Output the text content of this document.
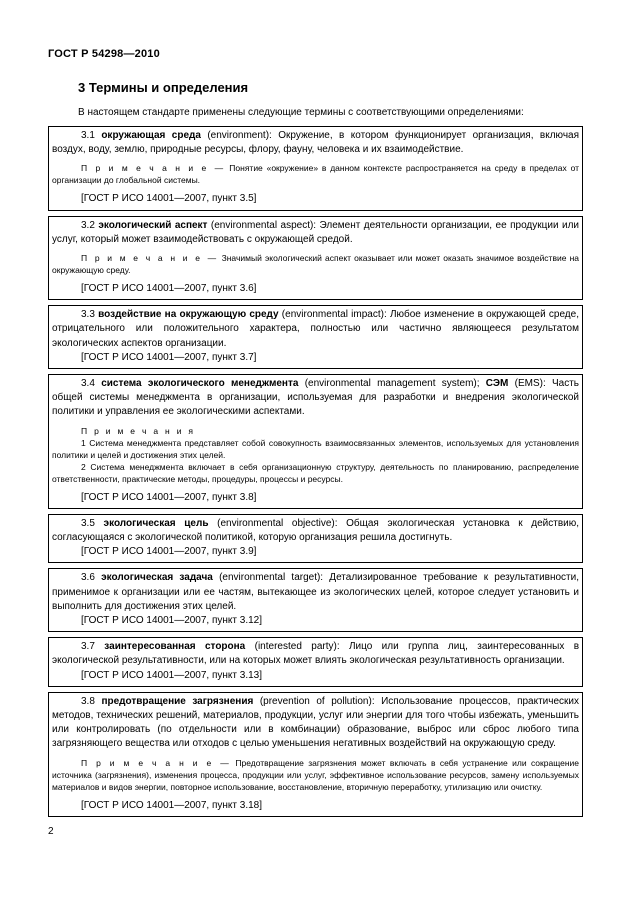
ГОСТ Р 54298—2010
3 Термины и определения
В настоящем стандарте применены следующие термины с соответствующими определениями:

3.1 окружающая среда (environment): Окружение, в котором функционирует организация, включая воздух, воду, землю, природные ресурсы, флору, фауну, человека и их взаимодействие.

П р и м е ч а н и е — Понятие «окружение» в данном контексте распространяется на среду в пределах от организации до глобальной системы.

[ГОСТ Р ИСО 14001—2007, пункт 3.5]

3.2 экологический аспект (environmental aspect): Элемент деятельности организации, ее продукции или услуг, который может взаимодействовать с окружающей средой.

П р и м е ч а н и е — Значимый экологический аспект оказывает или может оказать значимое воздействие на окружающую среду.

[ГОСТ Р ИСО 14001—2007, пункт 3.6]

3.3 воздействие на окружающую среду (environmental impact): Любое изменение в окружающей среде, отрицательного или положительного характера, полностью или частично являющееся результатом экологических аспектов организации.

[ГОСТ Р ИСО 14001—2007, пункт 3.7]

3.4 система экологического менеджмента (environmental management system); СЭМ (EMS): Часть общей системы менеджмента в организации, используемая для разработки и внедрения экологической политики и управления ее экологическими аспектами.

П р и м е ч а н и я

1 Система менеджмента представляет собой совокупность взаимосвязанных элементов, используемых для установления политики и целей и достижения этих целей.

2 Система менеджмента включает в себя организационную структуру, деятельность по планированию, распределение ответственности, практические методы, процедуры, процессы и ресурсы.

[ГОСТ Р ИСО 14001—2007, пункт 3.8]

3.5 экологическая цель (environmental objective): Общая экологическая установка к действию, согласующаяся с экологической политикой, которую организация решила достигнуть.

[ГОСТ Р ИСО 14001—2007, пункт 3.9]

3.6 экологическая задача (environmental target): Детализированное требование к результативности, применимое к организации или ее частям, вытекающее из экологических целей, которое следует установить и выполнить для достижения этих целей.

[ГОСТ Р ИСО 14001—2007, пункт 3.12]

3.7 заинтересованная сторона (interested party): Лицо или группа лиц, заинтересованных в экологической результативности, или на которых может влиять экологическая результативность организации.

[ГОСТ Р ИСО 14001—2007, пункт 3.13]

3.8 предотвращение загрязнения (prevention of pollution): Использование процессов, практических методов, технических решений, материалов, продукции, услуг или энергии для того чтобы избежать, уменьшить или контролировать (по отдельности или в комбинации) образование, выброс или сброс любого типа загрязняющего вещества или отходов с целью уменьшения негативных воздействий на окружающую среду.

П р и м е ч а н и е — Предотвращение загрязнения может включать в себя устранение или сокращение источника (загрязнения), изменения процесса, продукции или услуг, эффективное использование ресурсов, замену используемых материалов и видов энергии, повторное использование, восстановление, вторичную переработку, утилизацию или очистку.

[ГОСТ Р ИСО 14001—2007, пункт 3.18]

2
